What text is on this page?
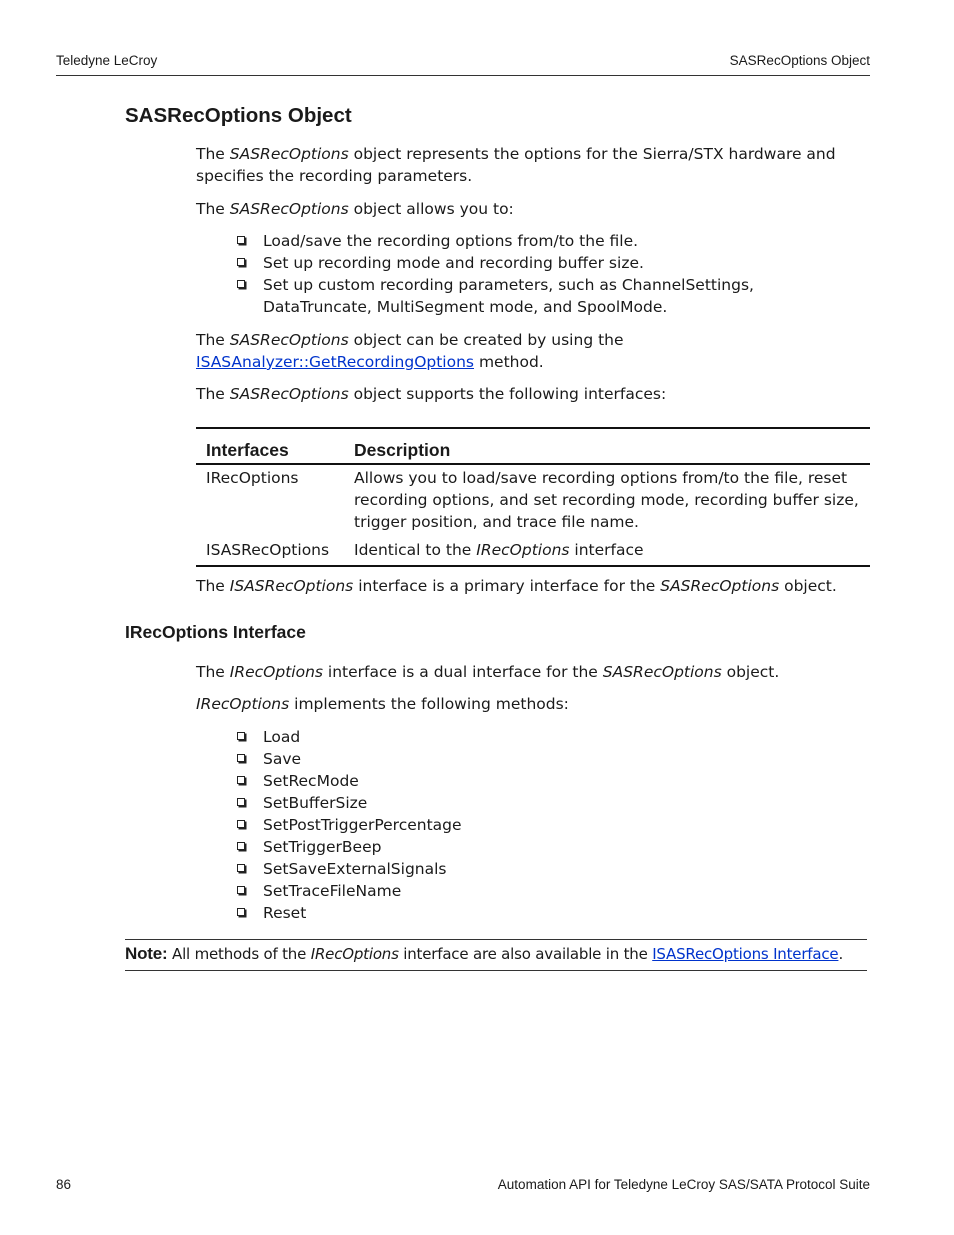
Teledyne LeCroy	SASRecOptions Object
SASRecOptions Object

The SASRecOptions object represents the options for the Sierra/STX hardware and specifies the recording parameters.

The SASRecOptions object allows you to:

Load/save the recording options from/to the file.
Set up recording mode and recording buffer size.
Set up custom recording parameters, such as ChannelSettings, DataTruncate, MultiSegment mode, and SpoolMode.

The SASRecOptions object can be created by using the ISASAnalyzer::GetRecordingOptions method.

The SASRecOptions object supports the following interfaces:

Interfaces	Description
IRecOptions	Allows you to load/save recording options from/to the file, reset recording options, and set recording mode, recording buffer size, trigger position, and trace file name.
ISASRecOptions	Identical to the IRecOptions interface

The ISASRecOptions interface is a primary interface for the SASRecOptions object.

IRecOptions Interface

The IRecOptions interface is a dual interface for the SASRecOptions object.

IRecOptions implements the following methods:

Load
Save
SetRecMode
SetBufferSize
SetPostTriggerPercentage
SetTriggerBeep
SetSaveExternalSignals
SetTraceFileName
Reset
Note: All methods of the IRecOptions interface are also available in the ISASRecOptions Interface.
86	Automation API for Teledyne LeCroy SAS/SATA Protocol Suite
